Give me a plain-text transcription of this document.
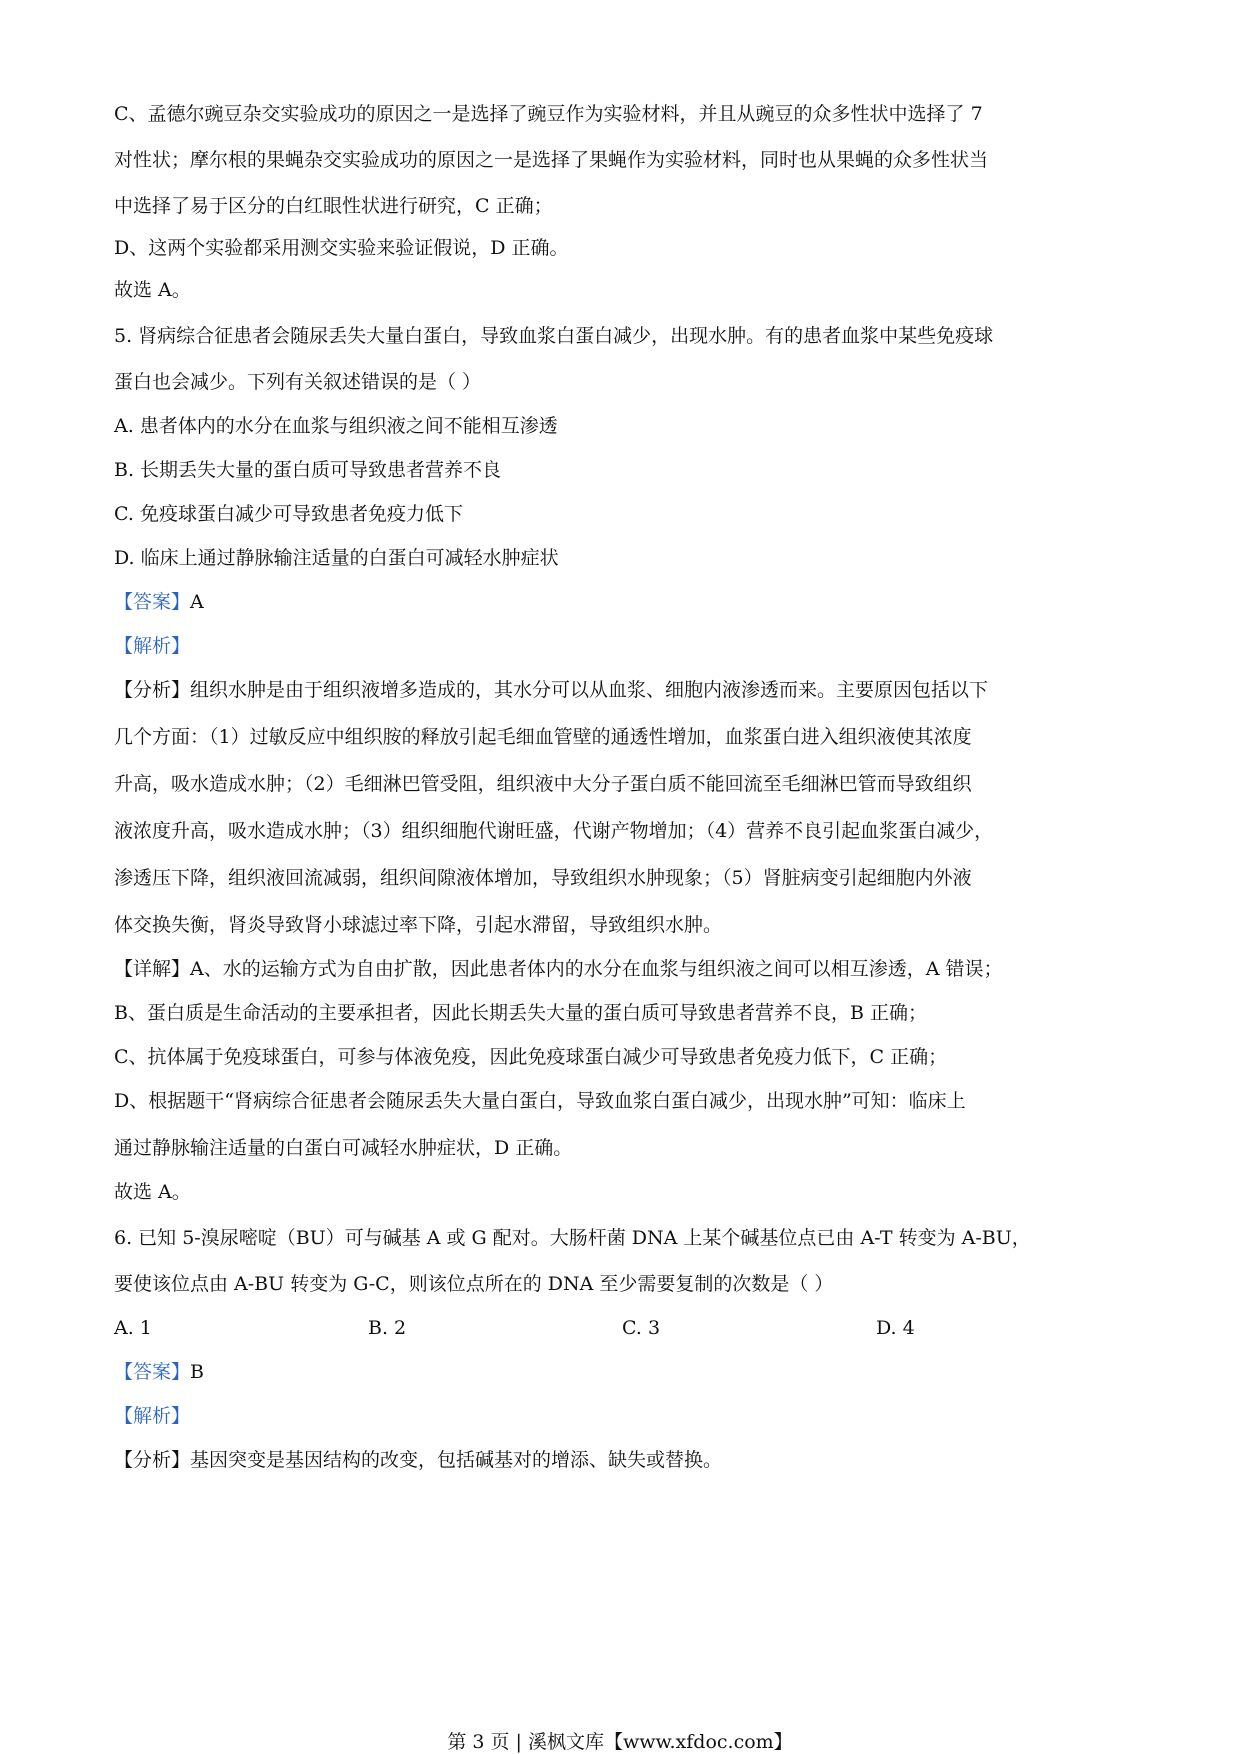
C、孟德尔豌豆杂交实验成功的原因之一是选择了豌豆作为实验材料，并且从豌豆的众多性状中选择了 7

对性状；摩尔根的果蝇杂交实验成功的原因之一是选择了果蝇作为实验材料，同时也从果蝇的众多性状当

中选择了易于区分的白红眼性状进行研究，C 正确；

D、这两个实验都采用测交实验来验证假说，D 正确。

故选 A。

5. 肾病综合征患者会随尿丢失大量白蛋白，导致血浆白蛋白减少，出现水肿。有的患者血浆中某些免疫球

蛋白也会减少。下列有关叙述错误的是（ ）

A. 患者体内的水分在血浆与组织液之间不能相互渗透

B. 长期丢失大量的蛋白质可导致患者营养不良

C. 免疫球蛋白减少可导致患者免疫力低下

D. 临床上通过静脉输注适量的白蛋白可减轻水肿症状

【答案】A

【解析】

【分析】组织水肿是由于组织液增多造成的，其水分可以从血浆、细胞内液渗透而来。主要原因包括以下

几个方面：（1）过敏反应中组织胺的释放引起毛细血管壁的通透性增加，血浆蛋白进入组织液使其浓度

升高，吸水造成水肿；（2）毛细淋巴管受阻，组织液中大分子蛋白质不能回流至毛细淋巴管而导致组织

液浓度升高，吸水造成水肿；（3）组织细胞代谢旺盛，代谢产物增加；（4）营养不良引起血浆蛋白减少，

渗透压下降，组织液回流减弱，组织间隙液体增加，导致组织水肿现象；（5）肾脏病变引起细胞内外液

体交换失衡，肾炎导致肾小球滤过率下降，引起水滞留，导致组织水肿。

【详解】A、水的运输方式为自由扩散，因此患者体内的水分在血浆与组织液之间可以相互渗透，A 错误；

B、蛋白质是生命活动的主要承担者，因此长期丢失大量的蛋白质可导致患者营养不良，B 正确；

C、抗体属于免疫球蛋白，可参与体液免疫，因此免疫球蛋白减少可导致患者免疫力低下，C 正确；

D、根据题干“肾病综合征患者会随尿丢失大量白蛋白，导致血浆白蛋白减少，出现水肿”可知：临床上

通过静脉输注适量的白蛋白可减轻水肿症状，D 正确。

故选 A。

6. 已知 5-溴尿嘧啶（BU）可与碱基 A 或 G 配对。大肠杆菌 DNA 上某个碱基位点已由 A-T 转变为 A-BU，

要使该位点由 A-BU 转变为 G-C，则该位点所在的 DNA 至少需要复制的次数是（ ）

A. 1	B. 2	C. 3	D. 4

【答案】B

【解析】

【分析】基因突变是基因结构的改变，包括碱基对的增添、缺失或替换。

第 3 页 | 溪枫文库【www.xfdoc.com】
